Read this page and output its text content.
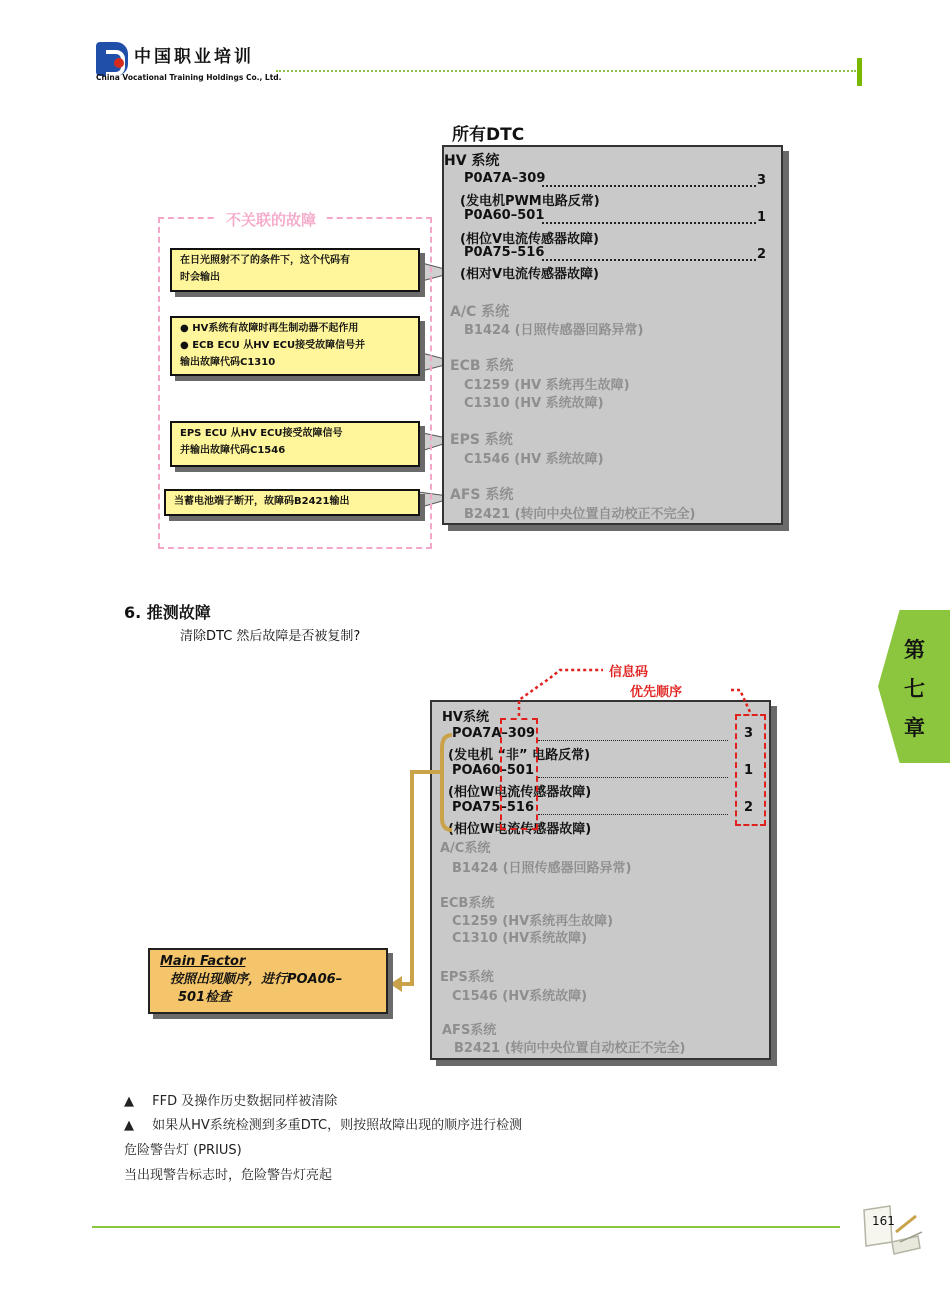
中国职业培训
China Vocational Training Holdings Co., Ltd.
所有DTC
HV 系统
P0A7A–309	3
(发电机PWM电路反常)
P0A60–501	1
(相位V电流传感器故障)
P0A75–516	2
(相对V电流传感器故障)
A/C 系统
B1424 (日照传感器回路异常)
ECB 系统
C1259 (HV 系统再生故障)
C1310 (HV 系统故障)
EPS 系统
C1546 (HV 系统故障)
AFS 系统
B2421 (转向中央位置自动校正不完全)
不关联的故障
在日光照射不了的条件下，这个代码有
时会输出
● HV系统有故障时再生制动器不起作用
● ECB ECU 从HV ECU接受故障信号并
输出故障代码C1310
EPS ECU 从HV ECU接受故障信号
并输出故障代码C1546
当蓄电池端子断开，故障码B2421输出
6. 推测故障
清除DTC 然后故障是否被复制?
信息码
优先顺序
HV系统
POA7A–309	3
(发电机 “非” 电路反常)
POA60–501	1
(相位W电流传感器故障)
POA75–516	2
(相位W电流传感器故障)
A/C系统
B1424 (日照传感器回路异常)
ECB系统
C1259 (HV系统再生故障)
C1310 (HV系统故障)
EPS系统
C1546 (HV系统故障)
AFS系统
B2421 (转向中央位置自动校正不完全)
Main Factor
按照出现顺序，进行POA06–
501检查
▲ FFD 及操作历史数据同样被清除
▲ 如果从HV系统检测到多重DTC，则按照故障出现的顺序进行检测
危险警告灯 (PRIUS)
当出现警告标志时，危险警告灯亮起
第
七
章
161
